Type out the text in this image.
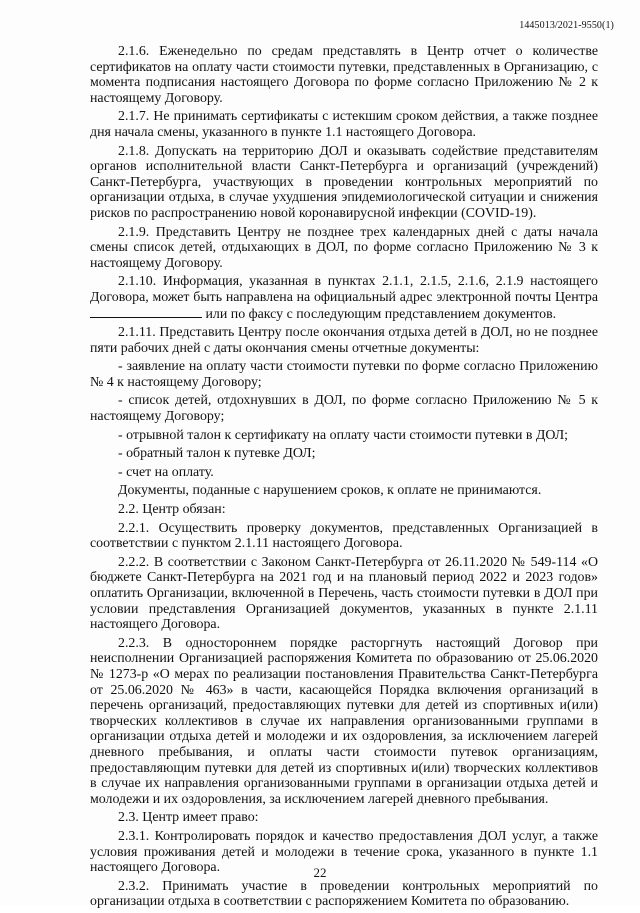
1445013/2021-9550(1)

2.1.6. Еженедельно по средам представлять в Центр отчет о количестве сертификатов на оплату части стоимости путевки, представленных в Организацию, с момента подписания настоящего Договора по форме согласно Приложению № 2 к настоящему Договору.

2.1.7. Не принимать сертификаты с истекшим сроком действия, а также позднее дня начала смены, указанного в пункте 1.1 настоящего Договора.

2.1.8. Допускать на территорию ДОЛ и оказывать содействие представителям органов исполнительной власти Санкт-Петербурга и организаций (учреждений) Санкт-Петербурга, участвующих в проведении контрольных мероприятий по организации отдыха, в случае ухудшения эпидемиологической ситуации и снижения рисков по распространению новой коронавирусной инфекции (COVID-19).

2.1.9. Представить Центру не позднее трех календарных дней с даты начала смены список детей, отдыхающих в ДОЛ, по форме согласно Приложению № 3 к настоящему Договору.

2.1.10. Информация, указанная в пунктах 2.1.1, 2.1.5, 2.1.6, 2.1.9 настоящего Договора, может быть направлена на официальный адрес электронной почты Центра  или по факсу с последующим представлением документов.

2.1.11. Представить Центру после окончания отдыха детей в ДОЛ, но не позднее пяти рабочих дней с даты окончания смены отчетные документы:

- заявление на оплату части стоимости путевки по форме согласно Приложению № 4 к настоящему Договору;

- список детей, отдохнувших в ДОЛ, по форме согласно Приложению № 5 к настоящему Договору;

- отрывной талон к сертификату на оплату части стоимости путевки в ДОЛ;

- обратный талон к путевке ДОЛ;

- счет на оплату.

Документы, поданные с нарушением сроков, к оплате не принимаются.

2.2. Центр обязан:

2.2.1. Осуществить проверку документов, представленных Организацией в соответствии с пунктом 2.1.11 настоящего Договора.

2.2.2. В соответствии с Законом Санкт-Петербурга от 26.11.2020 № 549-114 «О бюджете Санкт-Петербурга на 2021 год и на плановый период 2022 и 2023 годов» оплатить Организации, включенной в Перечень, часть стоимости путевки в ДОЛ при условии представления Организацией документов, указанных в пункте 2.1.11 настоящего Договора.

2.2.3. В одностороннем порядке расторгнуть настоящий Договор при неисполнении Организацией распоряжения Комитета по образованию от 25.06.2020 № 1273-р «О мерах по реализации постановления Правительства Санкт-Петербурга от 25.06.2020 № 463» в части, касающейся Порядка включения организаций в перечень организаций, предоставляющих путевки для детей из спортивных и(или) творческих коллективов в случае их направления организованными группами в организации отдыха детей и молодежи и их оздоровления, за исключением лагерей дневного пребывания, и оплаты части стоимости путевок организациям, предоставляющим путевки для детей из спортивных и(или) творческих коллективов в случае их направления организованными группами в организации отдыха детей и молодежи и их оздоровления, за исключением лагерей дневного пребывания.

2.3. Центр имеет право:

2.3.1. Контролировать порядок и качество предоставления ДОЛ услуг, а также условия проживания детей и молодежи в течение срока, указанного в пункте 1.1 настоящего Договора.

2.3.2. Принимать участие в проведении контрольных мероприятий по организации отдыха в соответствии с распоряжением Комитета по образованию.

22
